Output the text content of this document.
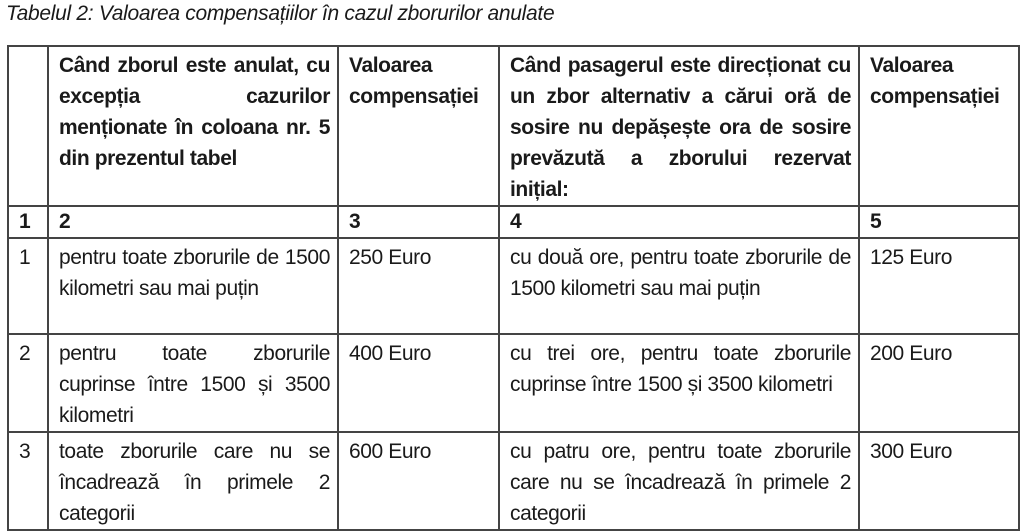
Tabelul 2: Valoarea compensațiilor în cazul zborurilor anulate
	Când zborul este anulat, cu excepția cazurilor menționate în coloana nr. 5 din prezentul tabel	Valoarea compensației	Când pasagerul este direcționat cu un zbor alternativ a cărui oră de sosire nu depășește ora de sosire prevăzută a zborului rezervat inițial:	Valoarea compensației
1	2	3	4	5
1	pentru toate zborurile de 1500 kilometri sau mai puțin	250 Euro	cu două ore, pentru toate zborurile de 1500 kilometri sau mai puțin	125 Euro
2	pentru toate zborurile cuprinse între 1500 și 3500 kilometri	400 Euro	cu trei ore, pentru toate zborurile cuprinse între 1500 și 3500 kilometri	200 Euro
3	toate zborurile care nu se încadrează în primele 2 categorii	600 Euro	cu patru ore, pentru toate zborurile care nu se încadrează în primele 2 categorii	300 Euro
